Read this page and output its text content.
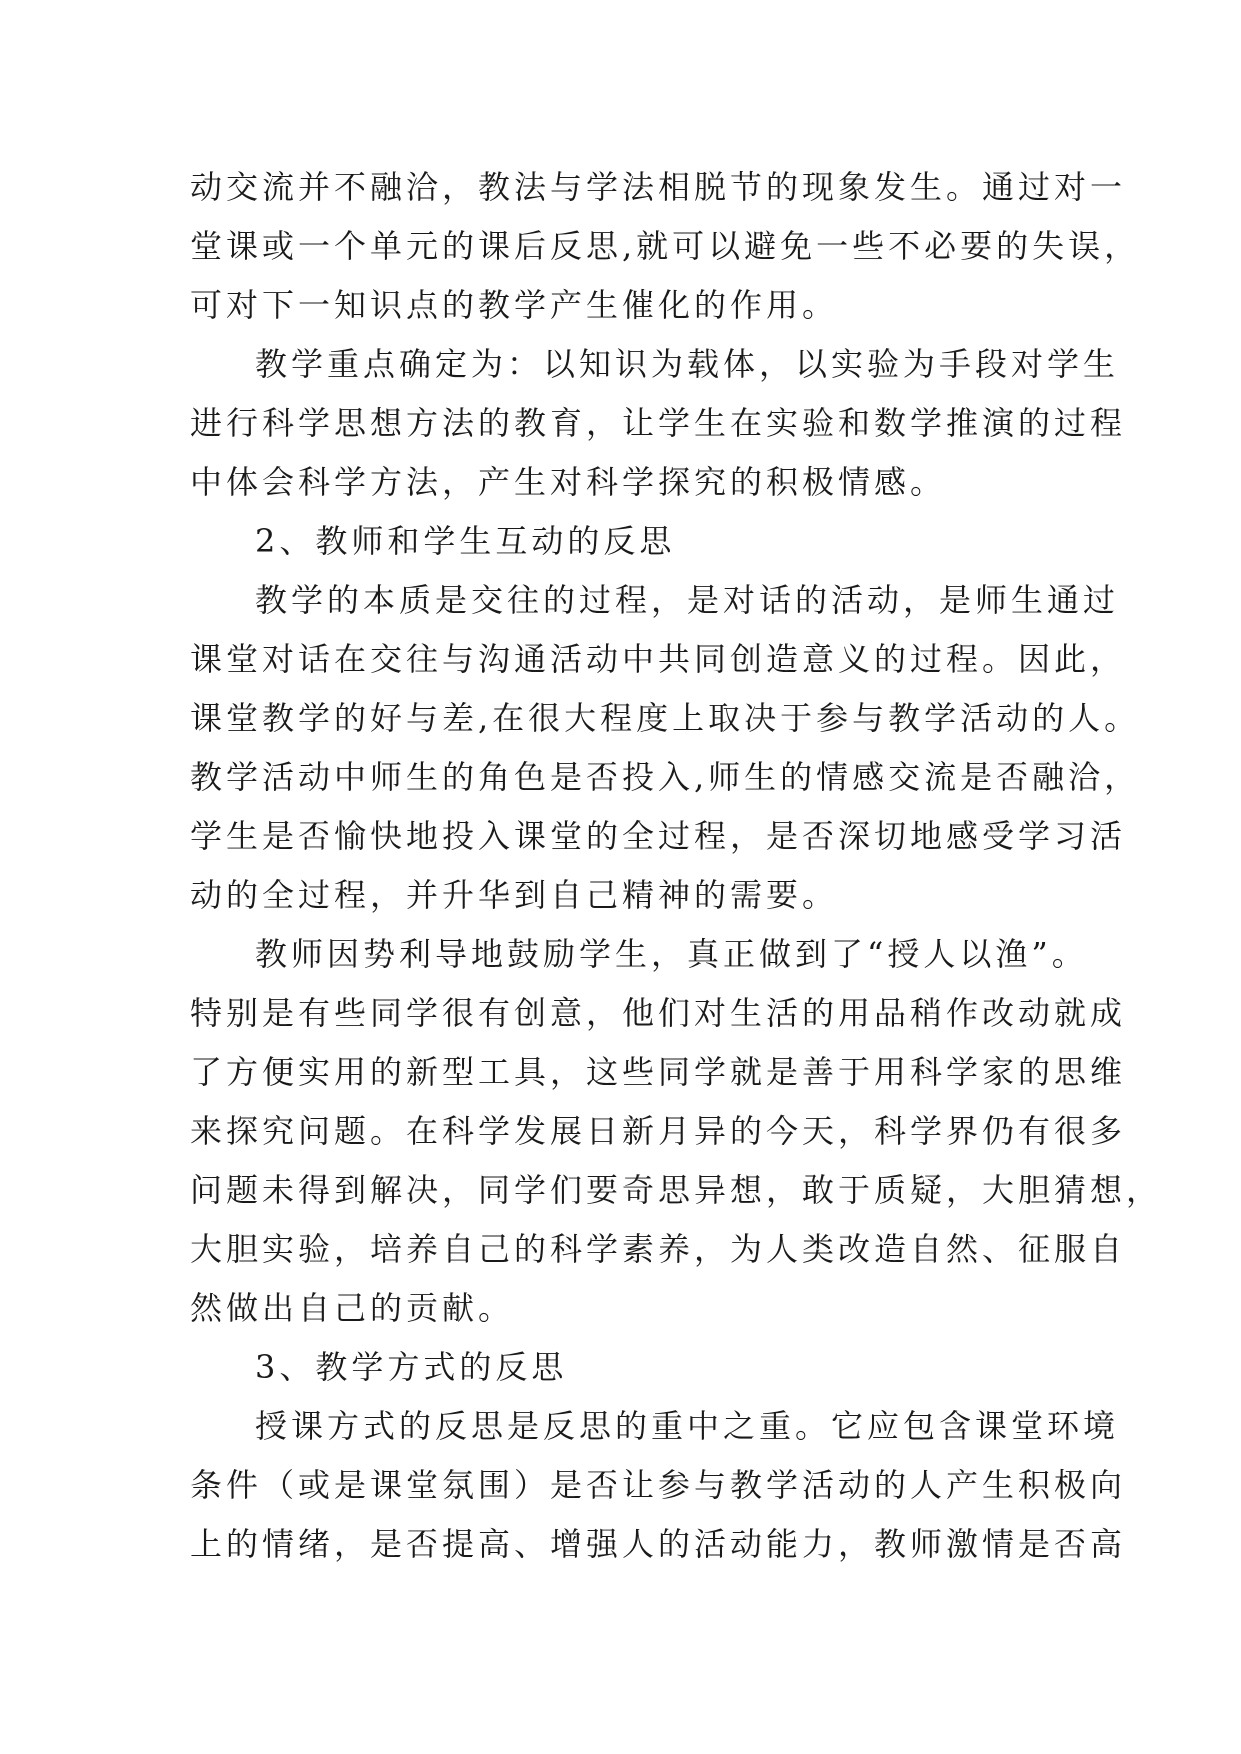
动交流并不融洽，教法与学法相脱节的现象发生。通过对一
堂课或一个单元的课后反思,就可以避免一些不必要的失误，
可对下一知识点的教学产生催化的作用。
教学重点确定为：以知识为载体，以实验为手段对学生
进行科学思想方法的教育，让学生在实验和数学推演的过程
中体会科学方法，产生对科学探究的积极情感。
2、教师和学生互动的反思
教学的本质是交往的过程，是对话的活动，是师生通过
课堂对话在交往与沟通活动中共同创造意义的过程。因此，
课堂教学的好与差,在很大程度上取决于参与教学活动的人。
教学活动中师生的角色是否投入,师生的情感交流是否融洽，
学生是否愉快地投入课堂的全过程，是否深切地感受学习活
动的全过程，并升华到自己精神的需要。
教师因势利导地鼓励学生，真正做到了“授人以渔”。
特别是有些同学很有创意，他们对生活的用品稍作改动就成
了方便实用的新型工具，这些同学就是善于用科学家的思维
来探究问题。在科学发展日新月异的今天，科学界仍有很多
问题未得到解决，同学们要奇思异想，敢于质疑，大胆猜想，
大胆实验，培养自己的科学素养，为人类改造自然、征服自
然做出自己的贡献。
3、教学方式的反思
授课方式的反思是反思的重中之重。它应包含课堂环境
条件（或是课堂氛围）是否让参与教学活动的人产生积极向
上的情绪，是否提高、增强人的活动能力，教师激情是否高
